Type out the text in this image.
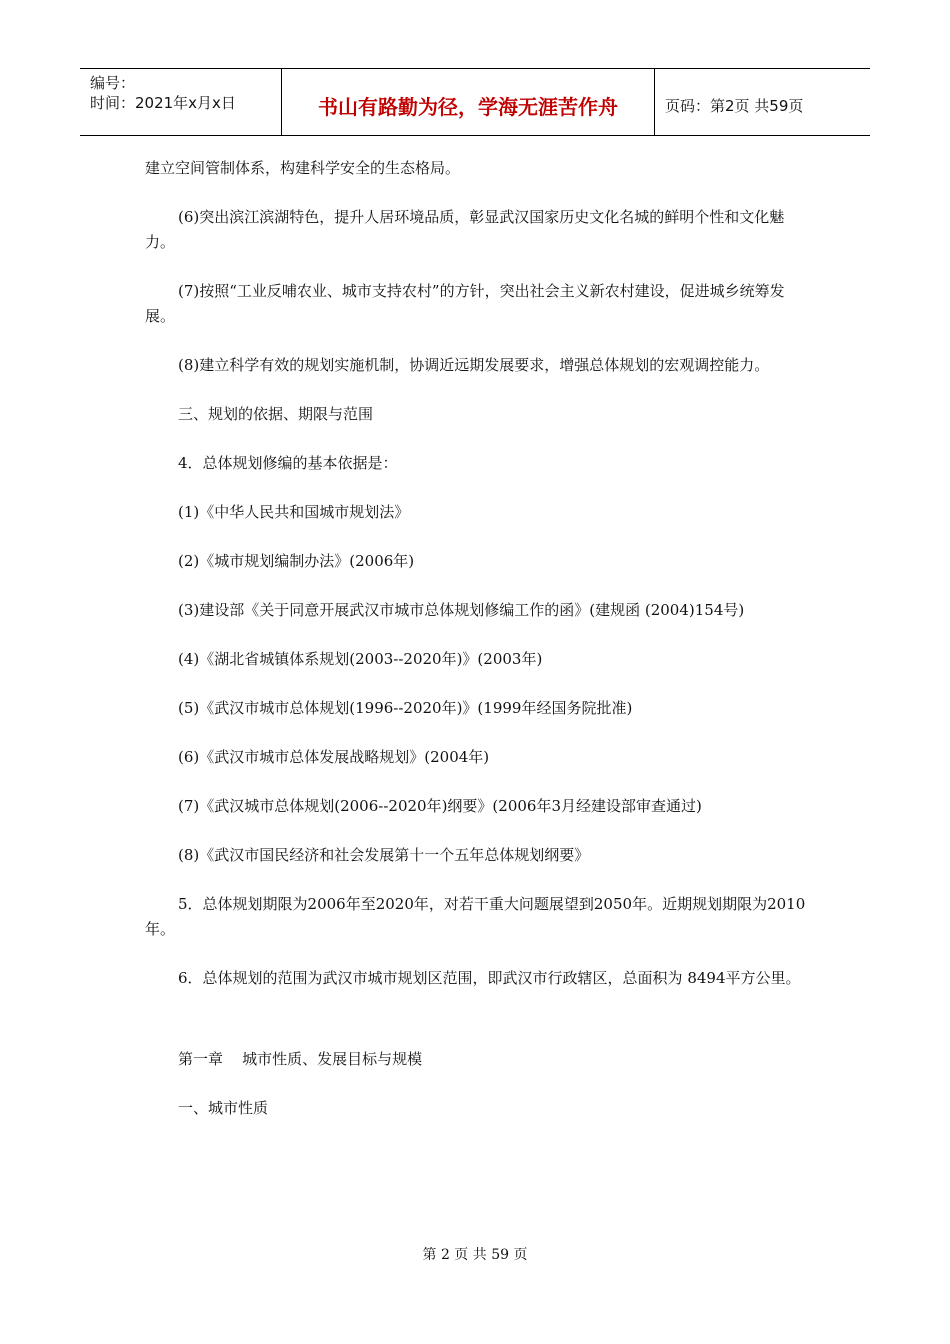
编号：
时间：2021年x月x日	书山有路勤为径，学海无涯苦作舟	页码：第2页 共59页

建立空间管制体系，构建科学安全的生态格局。

(6)突出滨江滨湖特色，提升人居环境品质，彰显武汉国家历史文化名城的鲜明个性和文化魅力。

(7)按照“工业反哺农业、城市支持农村”的方针，突出社会主义新农村建设，促进城乡统筹发展。

(8)建立科学有效的规划实施机制，协调近远期发展要求，增强总体规划的宏观调控能力。

三、规划的依据、期限与范围

4．总体规划修编的基本依据是：

(1)《中华人民共和国城市规划法》

(2)《城市规划编制办法》(2006年)

(3)建设部《关于同意开展武汉市城市总体规划修编工作的函》(建规函 (2004)154号)

(4)《湖北省城镇体系规划(2003--2020年)》(2003年)

(5)《武汉市城市总体规划(1996--2020年)》(1999年经国务院批准)

(6)《武汉市城市总体发展战略规划》(2004年)

(7)《武汉城市总体规划(2006--2020年)纲要》(2006年3月经建设部审查通过)

(8)《武汉市国民经济和社会发展第十一个五年总体规划纲要》

5．总体规划期限为2006年至2020年，对若干重大问题展望到2050年。近期规划期限为2010年。

6．总体规划的范围为武汉市城市规划区范围，即武汉市行政辖区，总面积为 8494平方公里。

第一章    城市性质、发展目标与规模

一、城市性质

第 2 页 共 59 页
